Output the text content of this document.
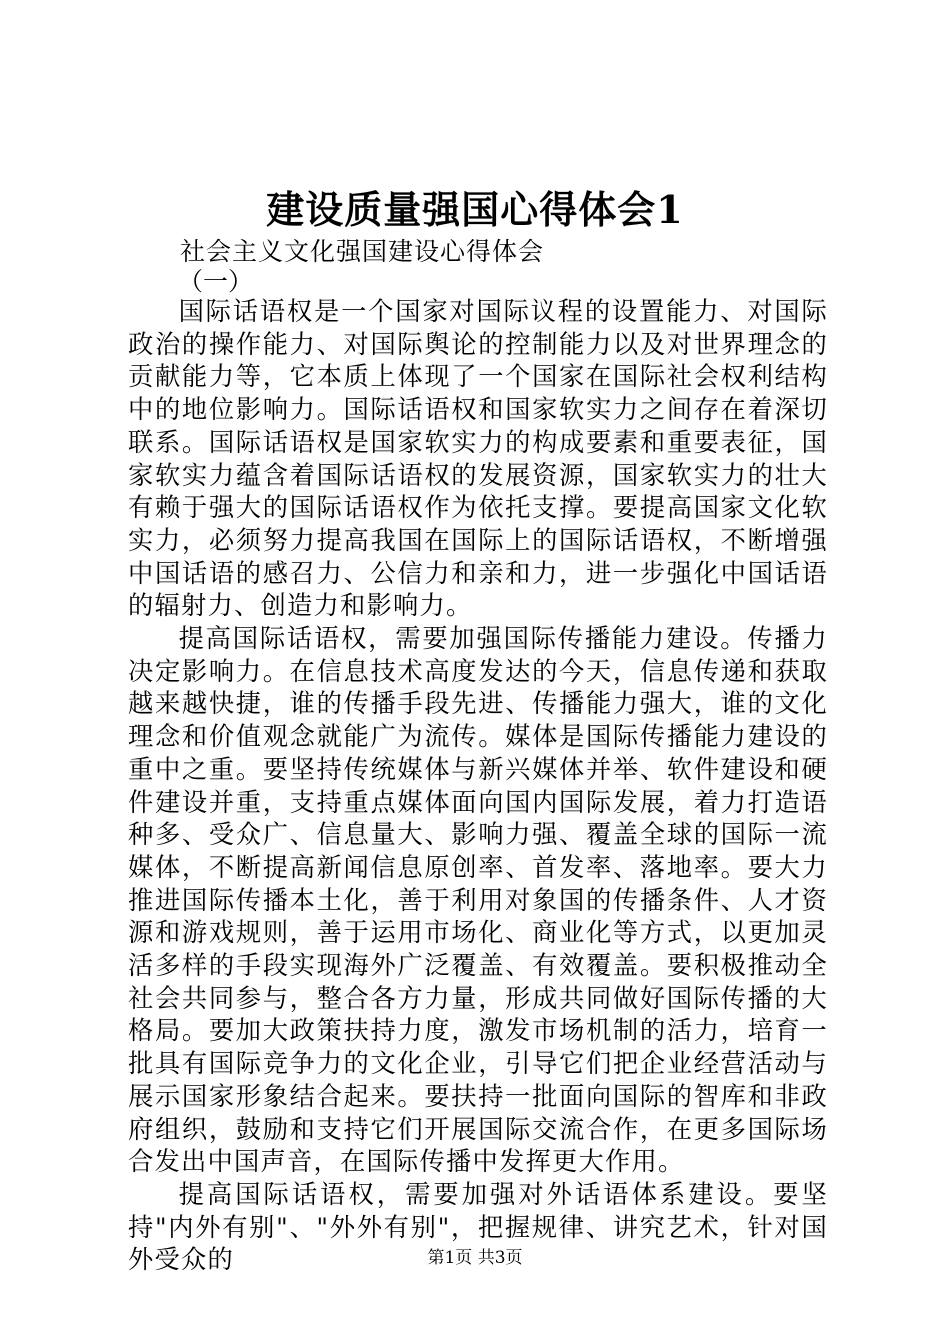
建设质量强国心得体会1
社会主义文化强国建设心得体会
（一）

国际话语权是一个国家对国际议程的设置能力、对国际政治的操作能力、对国际舆论的控制能力以及对世界理念的贡献能力等，它本质上体现了一个国家在国际社会权利结构中的地位影响力。国际话语权和国家软实力之间存在着深切联系。国际话语权是国家软实力的构成要素和重要表征，国家软实力蕴含着国际话语权的发展资源，国家软实力的壮大有赖于强大的国际话语权作为依托支撑。要提高国家文化软实力，必须努力提高我国在国际上的国际话语权，不断增强中国话语的感召力、公信力和亲和力，进一步强化中国话语的辐射力、创造力和影响力。

提高国际话语权，需要加强国际传播能力建设。传播力决定影响力。在信息技术高度发达的今天，信息传递和获取越来越快捷，谁的传播手段先进、传播能力强大，谁的文化理念和价值观念就能广为流传。媒体是国际传播能力建设的重中之重。要坚持传统媒体与新兴媒体并举、软件建设和硬件建设并重，支持重点媒体面向国内国际发展，着力打造语种多、受众广、信息量大、影响力强、覆盖全球的国际一流媒体，不断提高新闻信息原创率、首发率、落地率。要大力推进国际传播本土化，善于利用对象国的传播条件、人才资源和游戏规则，善于运用市场化、商业化等方式，以更加灵活多样的手段实现海外广泛覆盖、有效覆盖。要积极推动全社会共同参与，整合各方力量，形成共同做好国际传播的大格局。要加大政策扶持力度，激发市场机制的活力，培育一批具有国际竞争力的文化企业，引导它们把企业经营活动与展示国家形象结合起来。要扶持一批面向国际的智库和非政府组织，鼓励和支持它们开展国际交流合作，在更多国际场合发出中国声音，在国际传播中发挥更大作用。

提高国际话语权，需要加强对外话语体系建设。要坚持"内外有别"、"外外有别"，把握规律、讲究艺术，针对国外受众的	第1页 共3页
